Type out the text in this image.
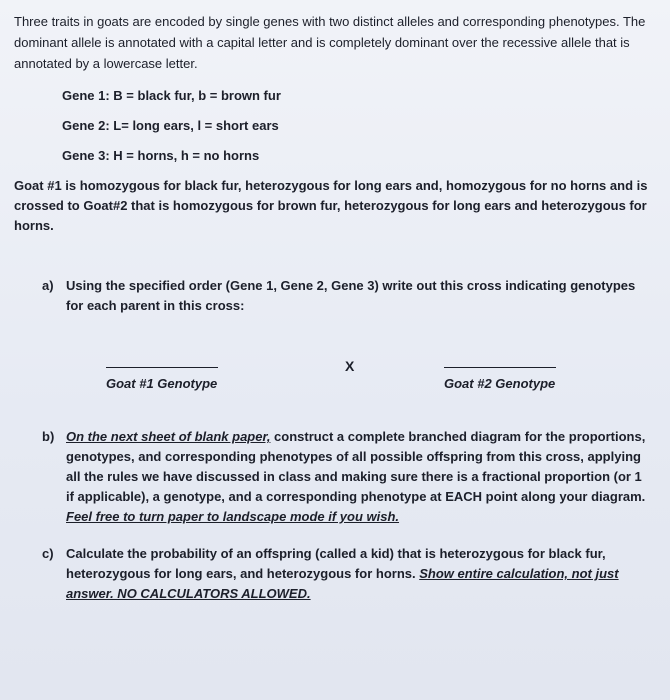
Three traits in goats are encoded by single genes with two distinct alleles and corresponding phenotypes. The dominant allele is annotated with a capital letter and is completely dominant over the recessive allele that is annotated by a lowercase letter.
Gene 1: B = black fur, b = brown fur
Gene 2: L= long ears, l = short ears
Gene 3: H = horns, h = no horns
Goat #1 is homozygous for black fur, heterozygous for long ears and, homozygous for no horns and is crossed to Goat#2 that is homozygous for brown fur, heterozygous for long ears and heterozygous for horns.
a) Using the specified order (Gene 1, Gene 2, Gene 3) write out this cross indicating genotypes for each parent in this cross:
X
Goat #1 Genotype	Goat #2 Genotype
b) On the next sheet of blank paper, construct a complete branched diagram for the proportions, genotypes, and corresponding phenotypes of all possible offspring from this cross, applying all the rules we have discussed in class and making sure there is a fractional proportion (or 1 if applicable), a genotype, and a corresponding phenotype at EACH point along your diagram. Feel free to turn paper to landscape mode if you wish.
c) Calculate the probability of an offspring (called a kid) that is heterozygous for black fur, heterozygous for long ears, and heterozygous for horns. Show entire calculation, not just answer. NO CALCULATORS ALLOWED.
